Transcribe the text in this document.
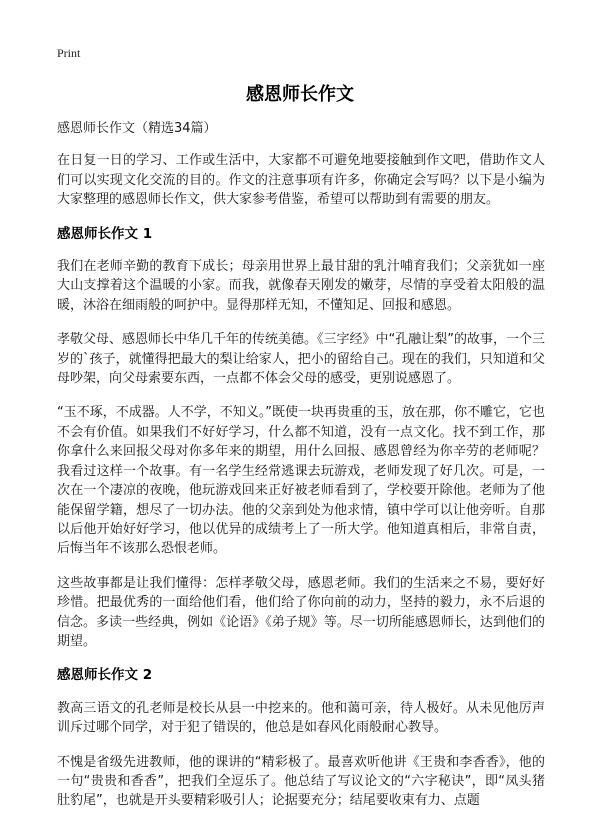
Print
感恩师长作文

感恩师长作文（精选34篇）

在日复一日的学习、工作或生活中，大家都不可避免地要接触到作文吧，借助作文人们可以实现文化交流的目的。作文的注意事项有许多，你确定会写吗？以下是小编为大家整理的感恩师长作文，供大家参考借鉴，希望可以帮助到有需要的朋友。

感恩师长作文 1

我们在老师辛勤的教育下成长；母亲用世界上最甘甜的乳汁哺育我们；父亲犹如一座大山支撑着这个温暖的小家。而我，就像春天刚发的嫩芽，尽情的享受着太阳般的温暖，沐浴在细雨般的呵护中。显得那样无知，不懂知足、回报和感恩。

孝敬父母、感恩师长中华几千年的传统美德。《三字经》中“孔融让梨”的故事，一个三岁的`孩子，就懂得把最大的梨让给家人，把小的留给自己。现在的我们，只知道和父母吵架，向父母索要东西，一点都不体会父母的感受，更别说感恩了。

“玉不琢，不成器。人不学，不知义。”既使一块再贵重的玉，放在那，你不雕它，它也不会有价值。如果我们不好好学习，什么都不知道，没有一点文化。找不到工作，那你拿什么来回报父母对你多年来的期望，用什么回报、感恩曾经为你辛劳的老师呢？我看过这样一个故事。有一名学生经常逃课去玩游戏，老师发现了好几次。可是，一次在一个凄凉的夜晚，他玩游戏回来正好被老师看到了，学校要开除他。老师为了他能保留学籍，想尽了一切办法。他的父亲到处为他求情，镇中学可以让他旁听。自那以后他开始好好学习，他以优异的成绩考上了一所大学。他知道真相后，非常自责，后悔当年不该那么恐恨老师。

这些故事都是让我们懂得：怎样孝敬父母，感恩老师。我们的生活来之不易，要好好珍惜。把最优秀的一面给他们看，他们给了你向前的动力，坚持的毅力，永不后退的信念。多读一些经典，例如《论语》《弟子规》等。尽一切所能感恩师长，达到他们的期望。

感恩师长作文 2

教高三语文的孔老师是校长从县一中挖来的。他和蔼可亲，待人极好。从未见他厉声训斥过哪个同学，对于犯了错误的，他总是如春风化雨般耐心教导。

不愧是省级先进教师，他的课讲的“精彩极了。最喜欢听他讲《王贵和李香香》，他的一句“贵贵和香香”，把我们全逗乐了。他总结了写议论文的“六字秘诀”，即“凤头猪肚豹尾”，也就是开头要精彩吸引人；论据要充分；结尾要收束有力、点题
